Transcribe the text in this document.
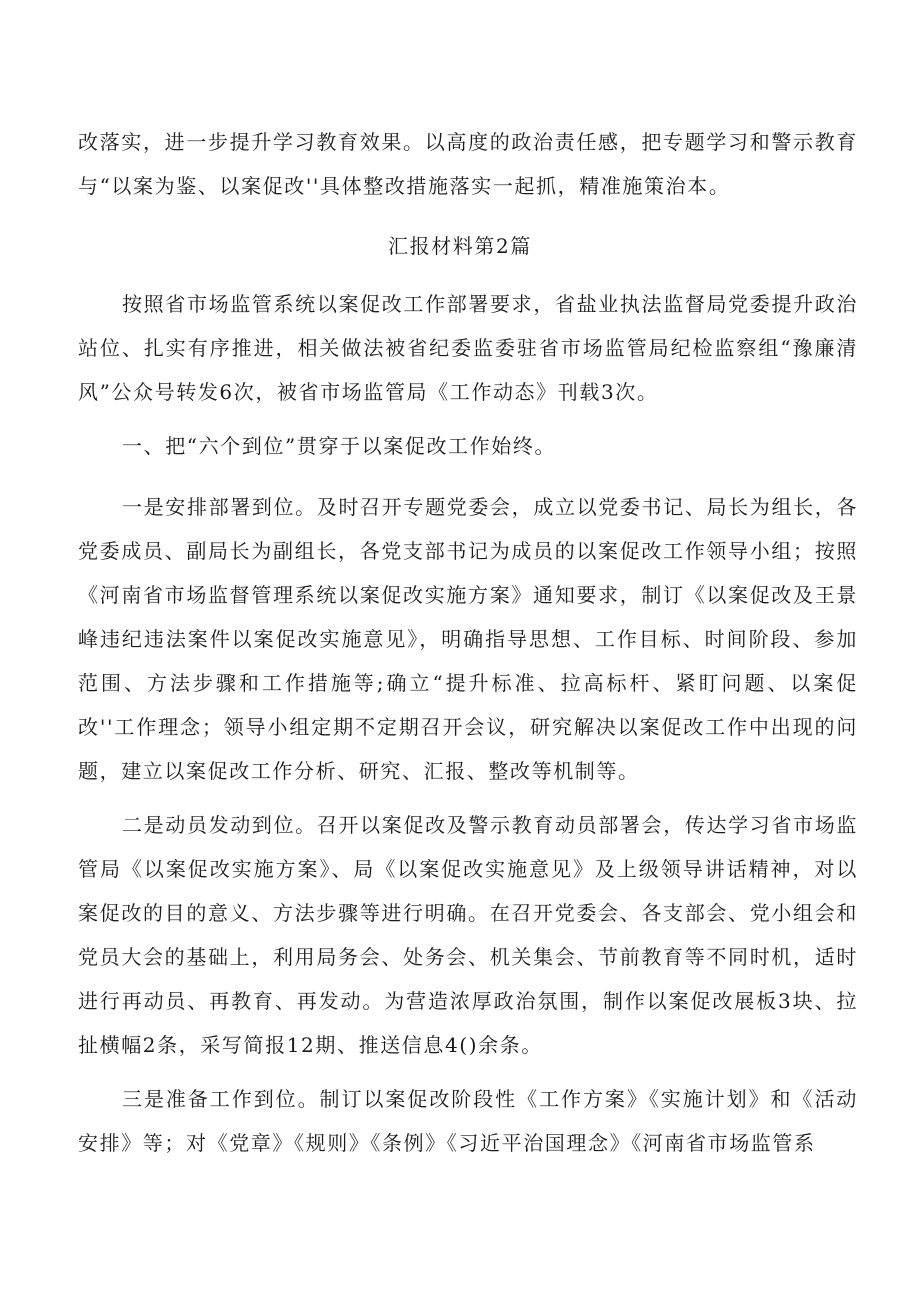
改落实，进一步提升学习教育效果。以高度的政治责任感，把专题学习和警示教育与“以案为鉴、以案促改''具体整改措施落实一起抓，精准施策治本。

汇报材料第2篇

按照省市场监管系统以案促改工作部署要求，省盐业执法监督局党委提升政治站位、扎实有序推进，相关做法被省纪委监委驻省市场监管局纪检监察组“豫廉清风”公众号转发6次，被省市场监管局《工作动态》刊载3次。

一、把“六个到位”贯穿于以案促改工作始终。

一是安排部署到位。及时召开专题党委会，成立以党委书记、局长为组长，各党委成员、副局长为副组长，各党支部书记为成员的以案促改工作领导小组；按照《河南省市场监督管理系统以案促改实施方案》通知要求，制订《以案促改及王景峰违纪违法案件以案促改实施意见》，明确指导思想、工作目标、时间阶段、参加范围、方法步骤和工作措施等;确立“提升标准、拉高标杆、紧盯问题、以案促改''工作理念；领导小组定期不定期召开会议，研究解决以案促改工作中出现的问题，建立以案促改工作分析、研究、汇报、整改等机制等。

二是动员发动到位。召开以案促改及警示教育动员部署会，传达学习省市场监管局《以案促改实施方案》、局《以案促改实施意见》及上级领导讲话精神，对以案促改的目的意义、方法步骤等进行明确。在召开党委会、各支部会、党小组会和党员大会的基础上，利用局务会、处务会、机关集会、节前教育等不同时机，适时进行再动员、再教育、再发动。为营造浓厚政治氛围，制作以案促改展板3块、拉扯横幅2条，采写简报12期、推送信息4()余条。

三是准备工作到位。制订以案促改阶段性《工作方案》《实施计划》和《活动安排》等；对《党章》《规则》《条例》《习近平治国理念》《河南省市场监管系
